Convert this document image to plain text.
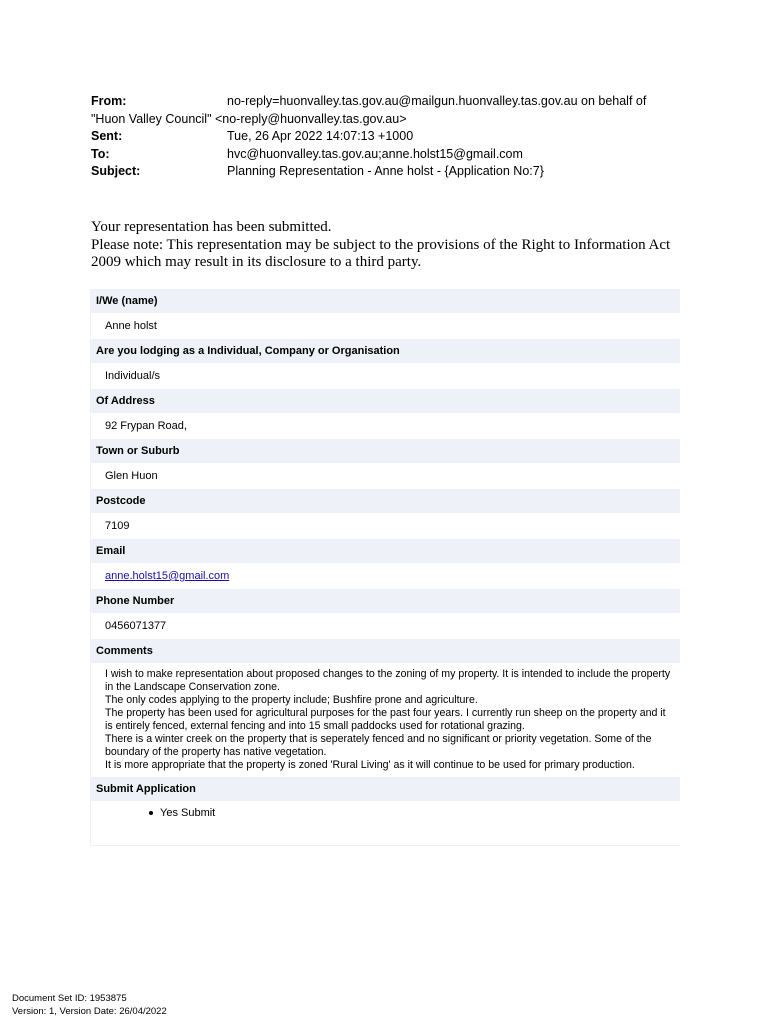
From:	no-reply=huonvalley.tas.gov.au@mailgun.huonvalley.tas.gov.au on behalf of
"Huon Valley Council" <no-reply@huonvalley.tas.gov.au>
Sent:	Tue, 26 Apr 2022 14:07:13 +1000
To:	hvc@huonvalley.tas.gov.au;anne.holst15@gmail.com
Subject:	Planning Representation - Anne holst - {Application No:7}

Your representation has been submitted.

Please note: This representation may be subject to the provisions of the Right to Information Act 2009 which may result in its disclosure to a third party.

I/We (name)
Anne holst
Are you lodging as a Individual, Company or Organisation
Individual/s
Of Address
92 Frypan Road,
Town or Suburb
Glen Huon
Postcode
7109
Email
anne.holst15@gmail.com
Phone Number
0456071377
Comments

I wish to make representation about proposed changes to the zoning of my property. It is intended to include the property in the Landscape Conservation zone.

The only codes applying to the property include; Bushfire prone and agriculture.

The property has been used for agricultural purposes for the past four years. I currently run sheep on the property and it is entirely fenced, external fencing and into 15 small paddocks used for rotational grazing.

There is a winter creek on the property that is seperately fenced and no significant or priority vegetation. Some of the boundary of the property has native vegetation.

It is more appropriate that the property is zoned 'Rural Living' as it will continue to be used for primary production.

Submit Application
Yes Submit
Document Set ID: 1953875
Version: 1, Version Date: 26/04/2022
